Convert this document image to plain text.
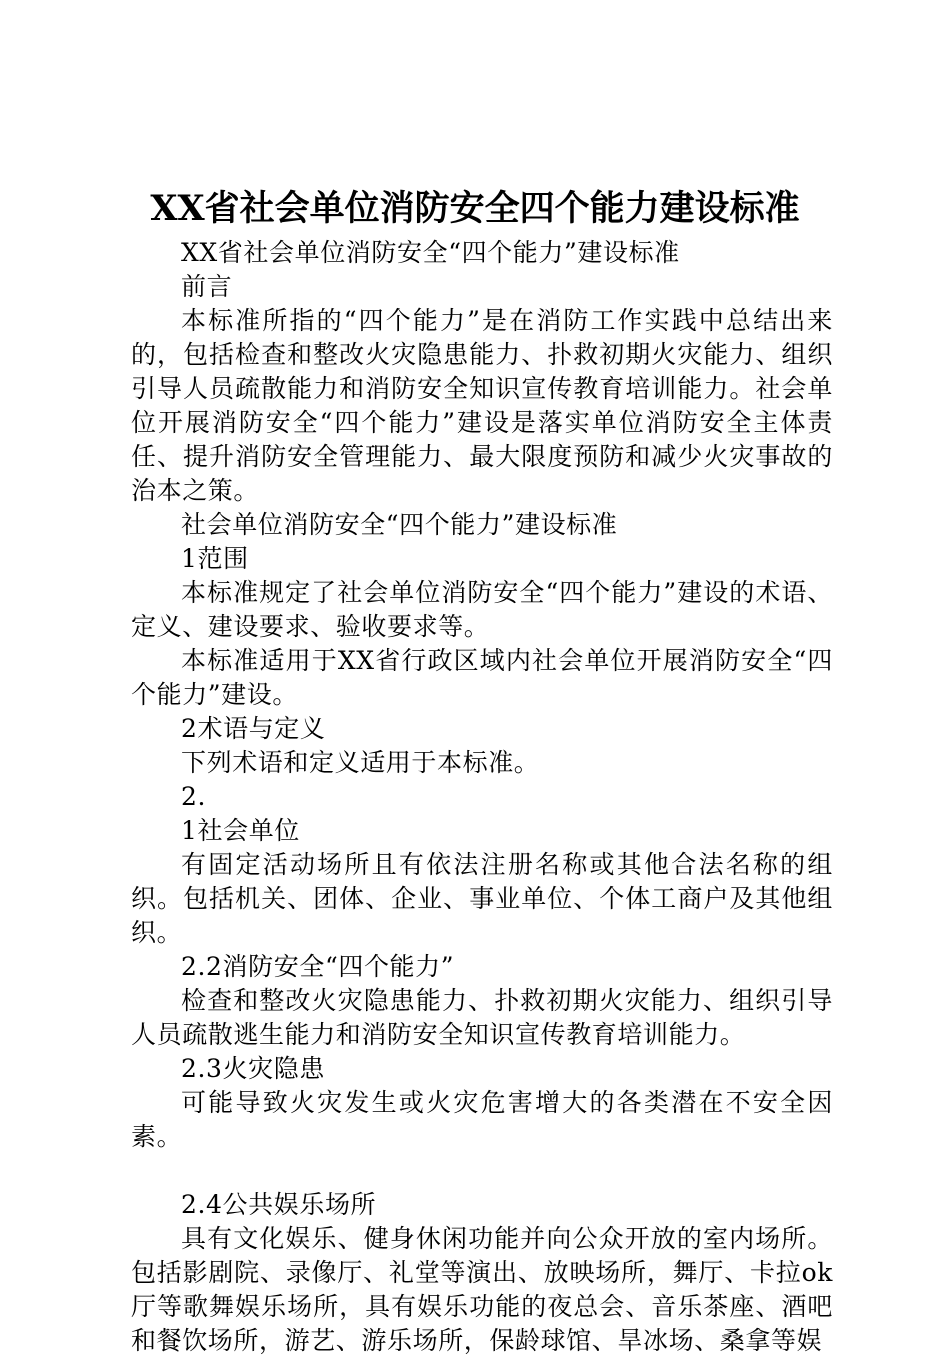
XX省社会单位消防安全四个能力建设标准

XX省社会单位消防安全“四个能力”建设标准

前言

本标准所指的“四个能力”是在消防工作实践中总结出来的，包括检查和整改火灾隐患能力、扑救初期火灾能力、组织引导人员疏散能力和消防安全知识宣传教育培训能力。社会单位开展消防安全“四个能力”建设是落实单位消防安全主体责任、提升消防安全管理能力、最大限度预防和减少火灾事故的治本之策。

社会单位消防安全“四个能力”建设标准

1范围

本标准规定了社会单位消防安全“四个能力”建设的术语、定义、建设要求、验收要求等。

本标准适用于XX省行政区域内社会单位开展消防安全“四个能力”建设。

2术语与定义

下列术语和定义适用于本标准。

2.

1社会单位

有固定活动场所且有依法注册名称或其他合法名称的组织。包括机关、团体、企业、事业单位、个体工商户及其他组织。

2.2消防安全“四个能力”

检查和整改火灾隐患能力、扑救初期火灾能力、组织引导人员疏散逃生能力和消防安全知识宣传教育培训能力。

2.3火灾隐患

可能导致火灾发生或火灾危害增大的各类潜在不安全因素。

2.4公共娱乐场所

具有文化娱乐、健身休闲功能并向公众开放的室内场所。包括影剧院、录像厅、礼堂等演出、放映场所，舞厅、卡拉ok厅等歌舞娱乐场所，具有娱乐功能的夜总会、音乐茶座、酒吧和餐饮场所，游艺、游乐场所，保龄球馆、旱冰场、桑拿等娱
